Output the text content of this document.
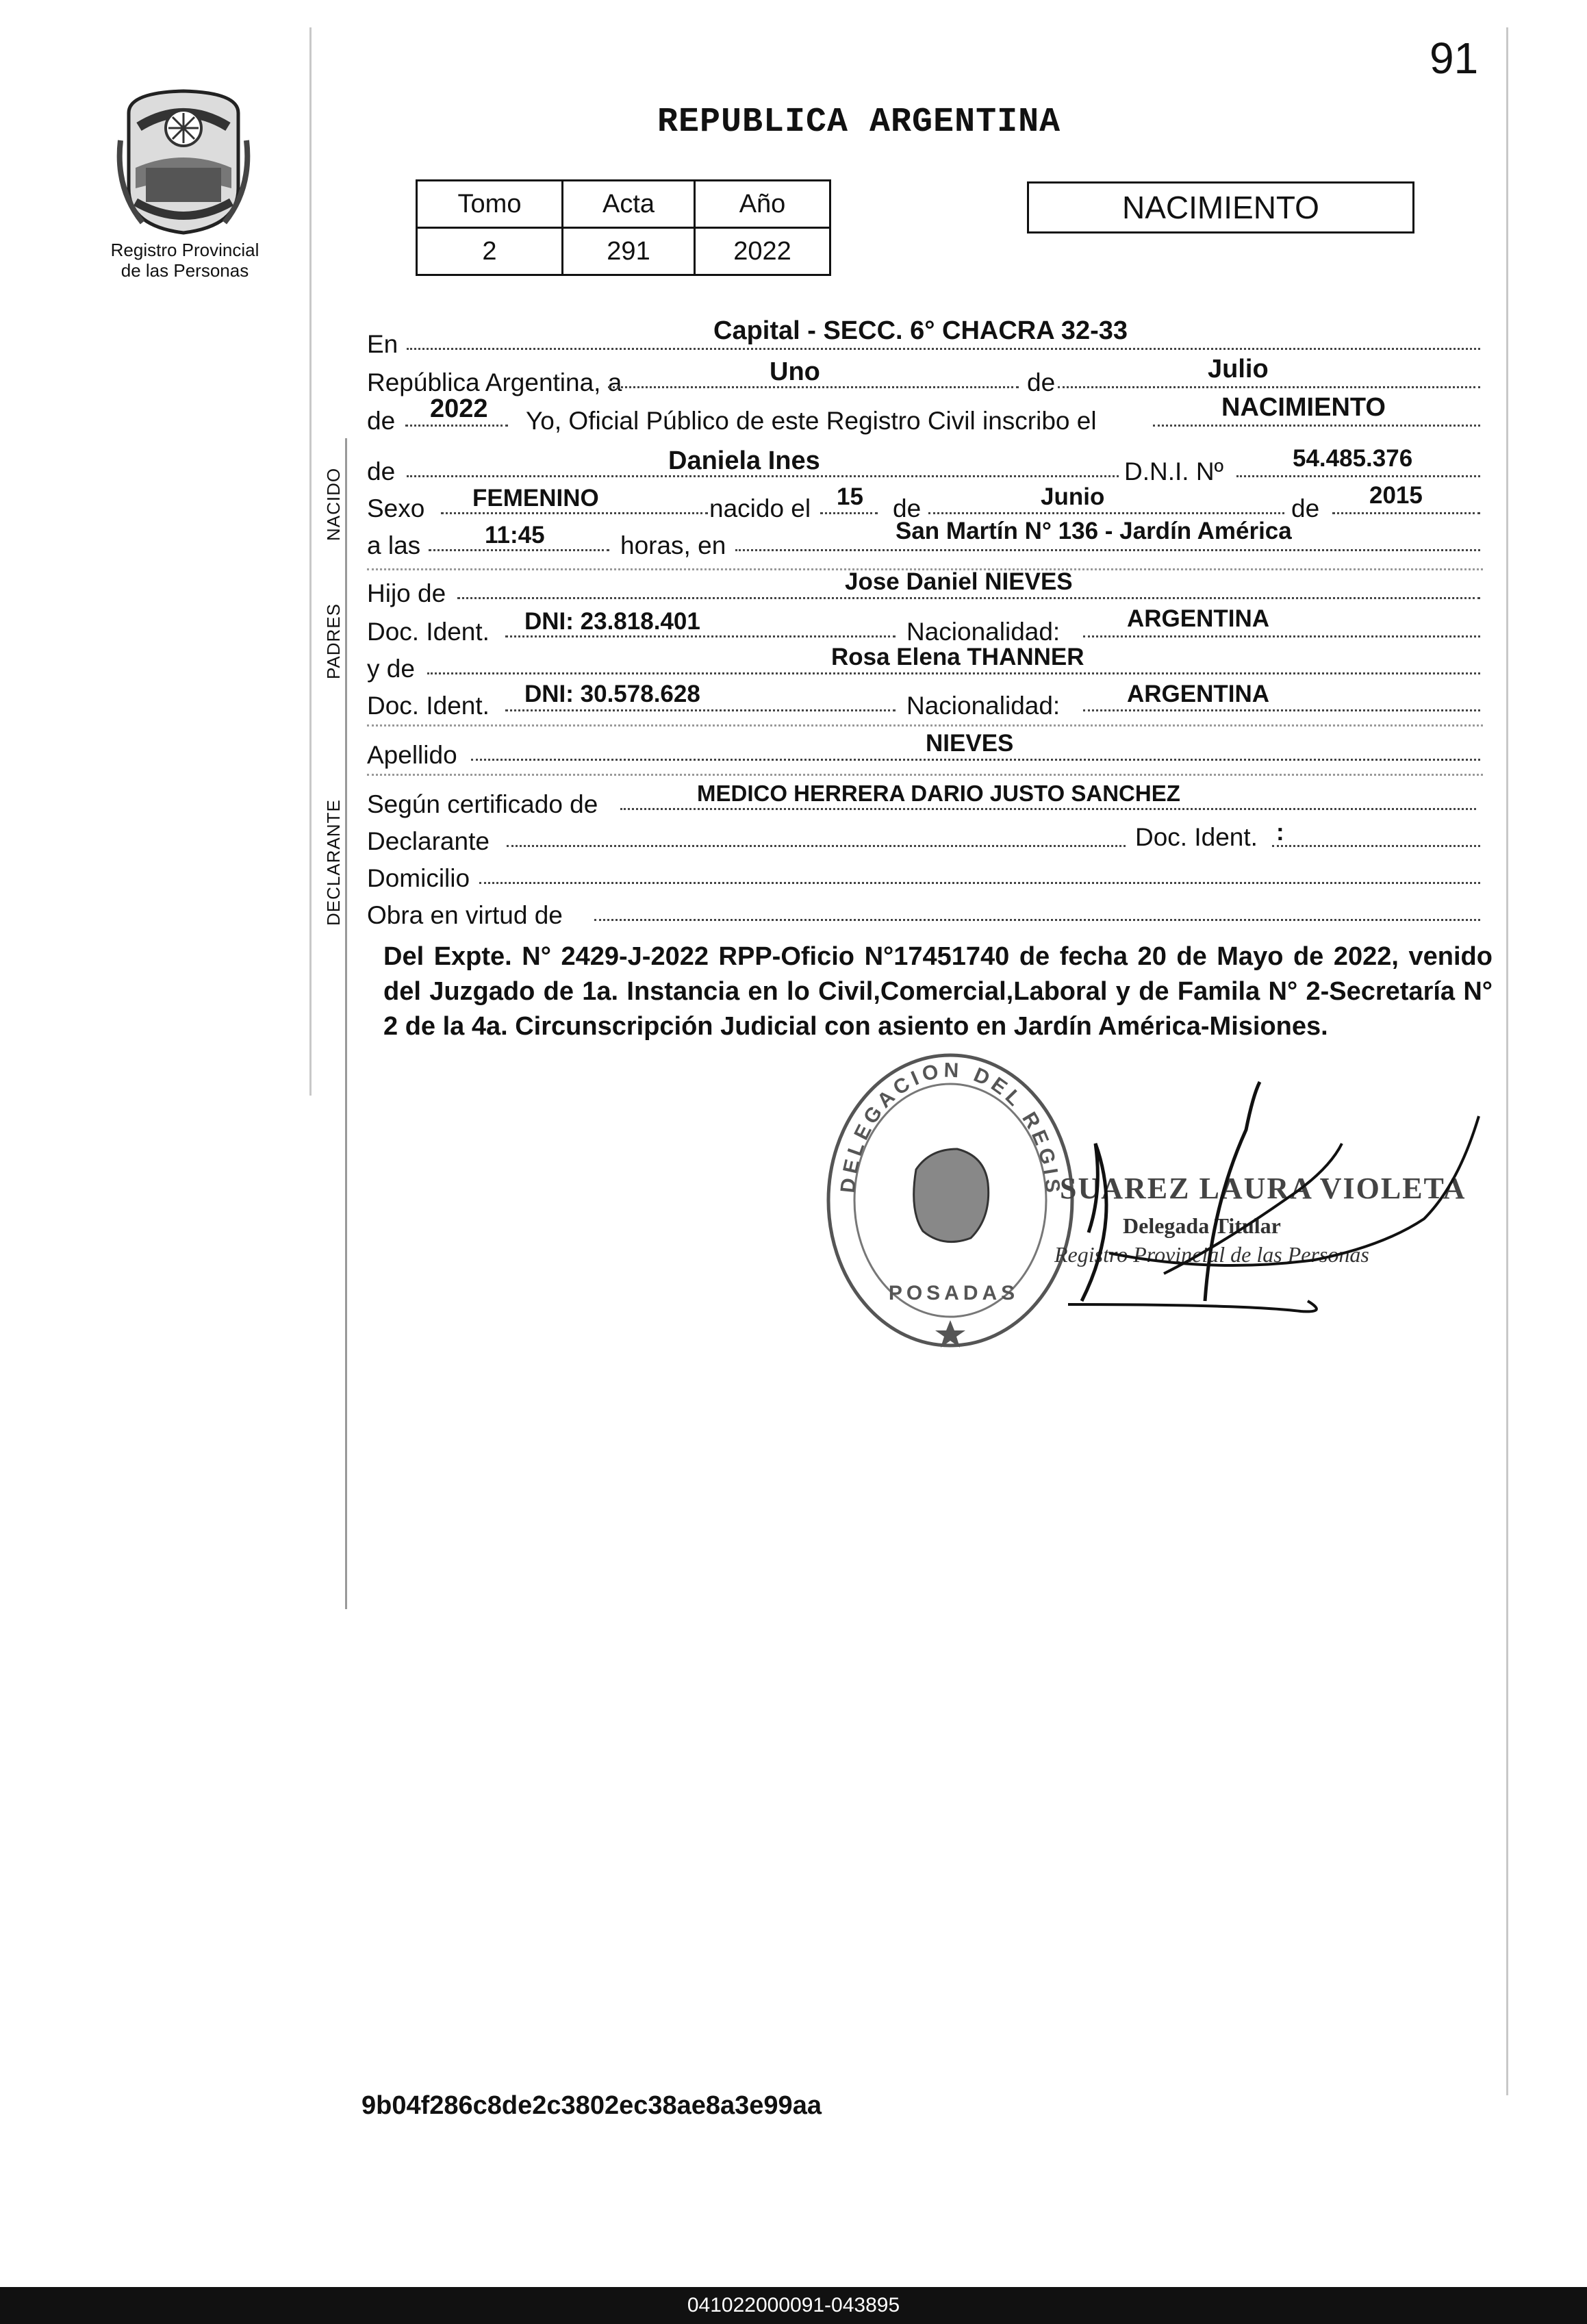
91
REPUBLICA ARGENTINA
Registro Provincial
de las Personas
Tomo	Acta	Año
2	291	2022
NACIMIENTO
En	Capital - SECC. 6° CHACRA 32-33
República Argentina, a	Uno	de	Julio
de 2022 Yo, Oficial Público de este Registro Civil inscribo el	NACIMIENTO
NACIDO de	Daniela Ines	D.N.I. Nº	54.485.376
Sexo FEMENINO	nacido el 15 de	Junio	de 2015
a las	11:45	horas, en
San Martín N° 136 - Jardín América
PADRES
Hijo de	Jose Daniel NIEVES
Doc. Ident. DNI: 23.818.401	Nacionalidad:	ARGENTINA
y de	Rosa Elena THANNER
Doc. Ident. DNI: 30.578.628	Nacionalidad:	ARGENTINA
Apellido	NIEVES
DECLARANTE Según certificado de	MEDICO HERRERA DARIO JUSTO SANCHEZ
Declarante	Doc. Ident. :
Domicilio
Obra en virtud de
Del Expte. N° 2429-J-2022 RPP-Oficio N°17451740 de fecha 20 de Mayo de 2022, venido del Juzgado de 1a. Instancia en lo Civil,Comercial,Laboral y de Famila N° 2-Secretaría N° 2 de la 4a. Circunscripción Judicial con asiento en Jardín América-Misiones.
DELEGACION DEL REGIS
POSADAS
SUAREZ LAURA VIOLETA
Delegada Titular
Registro Provincial de las Personas
9b04f286c8de2c3802ec38ae8a3e99aa
041022000091-043895
